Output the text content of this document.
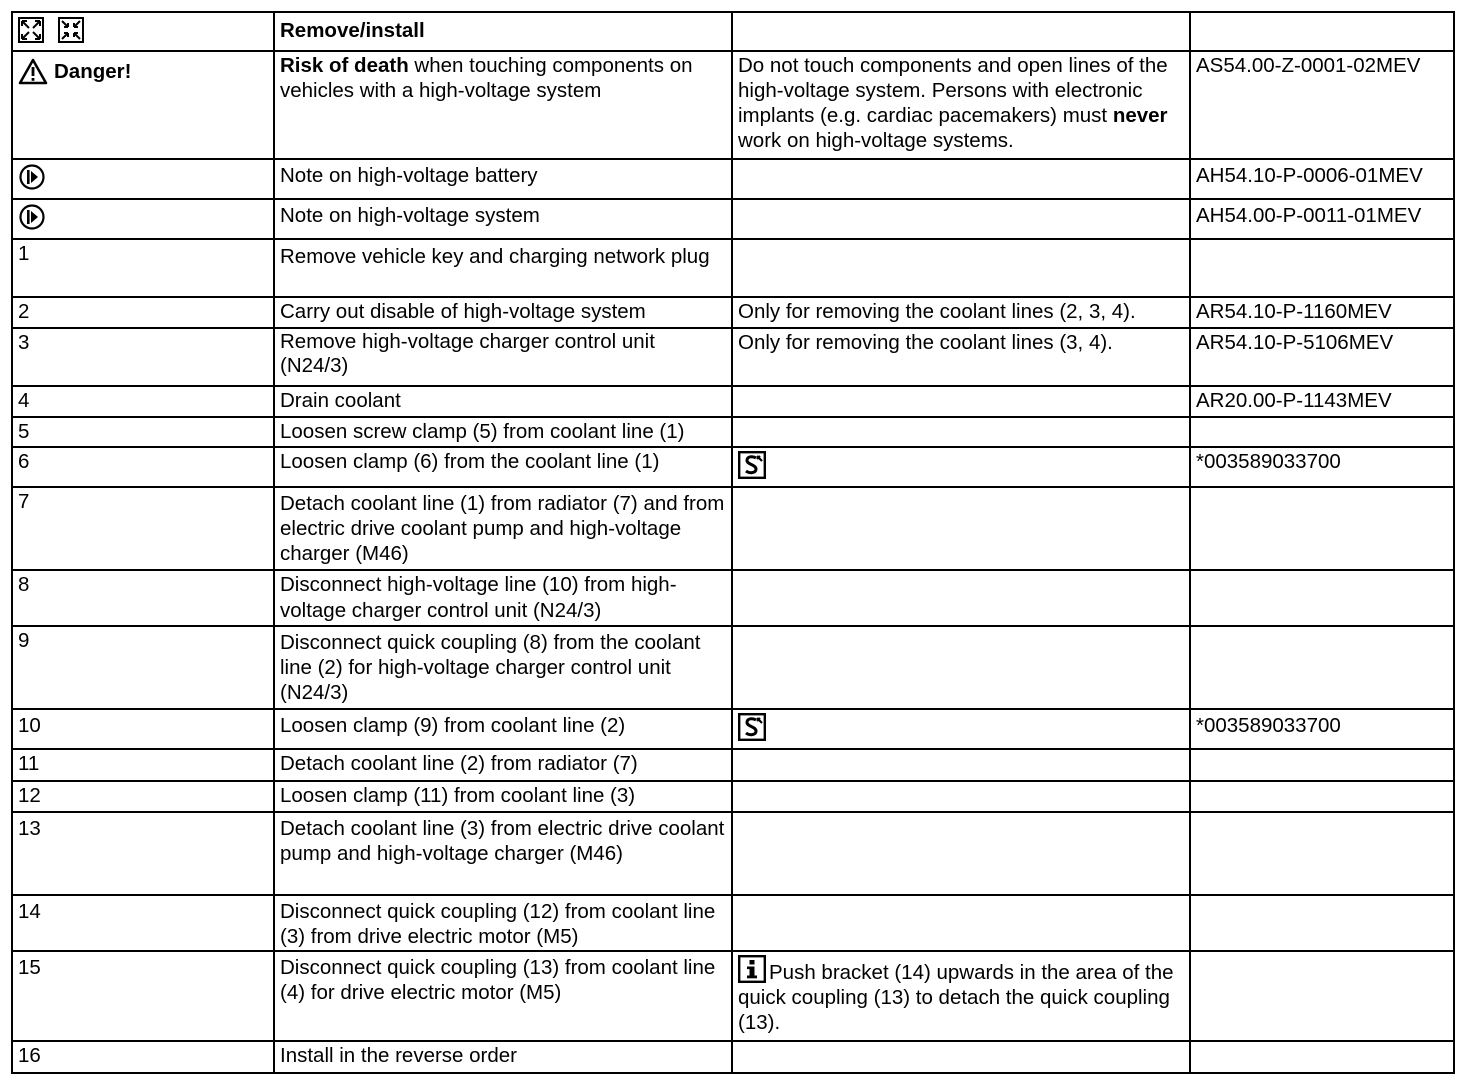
	Remove/install		

Danger!	Risk of death when touching components on vehicles with a high-voltage system	Do not touch components and open lines of the high-voltage system. Persons with electronic implants (e.g. cardiac pacemakers) must never work on high-voltage systems.	AS54.00-Z-0001-02MEV
	Note on high-voltage battery		AH54.10-P-0006-01MEV
	Note on high-voltage system		AH54.00-P-0011-01MEV
1	Remove vehicle key and charging network plug		
2	Carry out disable of high-voltage system	Only for removing the coolant lines (2, 3, 4).	AR54.10-P-1160MEV
3	Remove high-voltage charger control unit (N24/3)	Only for removing the coolant lines (3, 4).	AR54.10-P-5106MEV
4	Drain coolant		AR20.00-P-1143MEV
5	Loosen screw clamp (5) from coolant line (1)		
6	Loosen clamp (6) from the coolant line (1)		*003589033700
7	Detach coolant line (1) from radiator (7) and from electric drive coolant pump and high-voltage charger (M46)		
8	Disconnect high-voltage line (10) from high-voltage charger control unit (N24/3)		
9	Disconnect quick coupling (8) from the coolant line (2) for high-voltage charger control unit (N24/3)		
10	Loosen clamp (9) from coolant line (2)		*003589033700
11	Detach coolant line (2) from radiator (7)		
12	Loosen clamp (11) from coolant line (3)		
13	Detach coolant line (3) from electric drive coolant pump and high-voltage charger (M46)		
14	Disconnect quick coupling (12) from coolant line (3) from drive electric motor (M5)		
15	Disconnect quick coupling (13) from coolant line (4) for drive electric motor (M5)	Push bracket (14) upwards in the area of the quick coupling (13) to detach the quick coupling (13).	
16	Install in the reverse order		
